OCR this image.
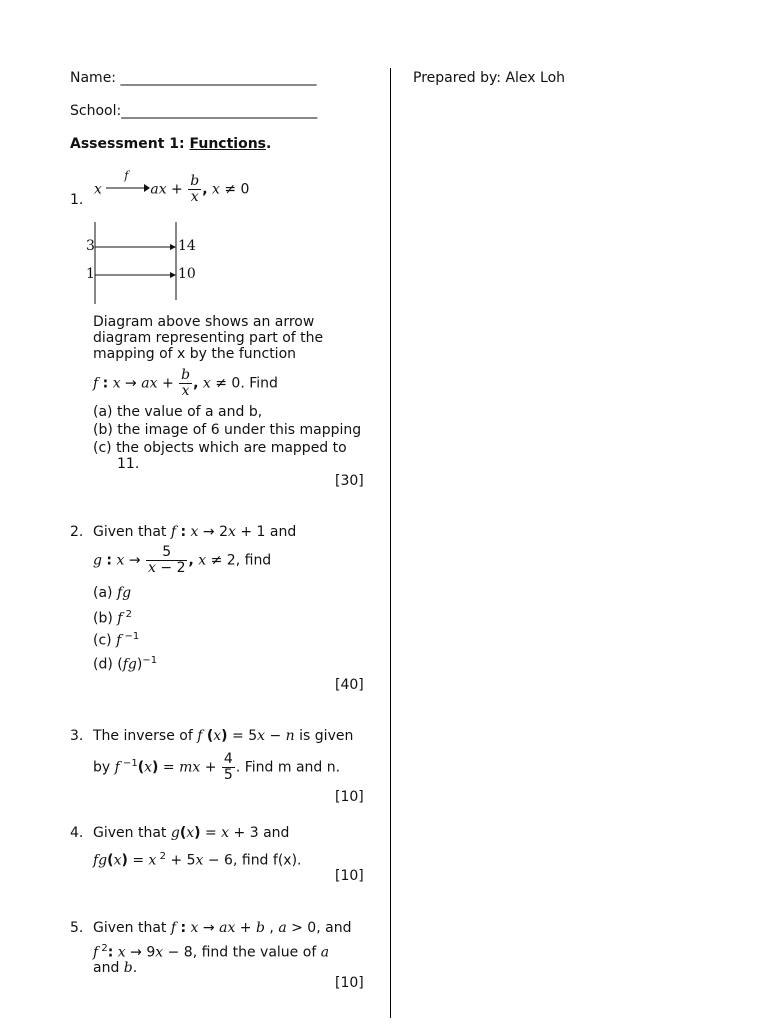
Name: ____________________________	Prepared by: Alex Loh
School:____________________________
Assessment 1: Functions.
1.
x
f
ax + $\frac{b}{x}$ , x ≠ 0
3
1
14
10
Diagram above shows an arrow
diagram representing part of the
mapping of x by the function
f : x → ax + $\frac{b}{x}$ , x ≠ 0. Find
(a) the value of a and b,
(b) the image of 6 under this mapping
(c) the objects which are mapped to
11.
[30]
2. Given that f : x → 2x + 1 and
g : $x \to \frac{5}{x - 2}$ , x ≠ 2, find
(a) fg
(b) f $^2$
(c) f $^{-1}$
(d) (fg)$^{-1}$
[40]
3. The inverse of f (x) = 5x − n is given
by f $^{-1}$(x) = mx + $\frac{4}{5}$ . Find m and n.
[10]
4. Given that g(x) = x + 3 and
fg(x) = x $^2$ + 5x − 6, find f(x).
[10]
5. Given that f : x → ax + b , a > 0, and
f $^2$: x → 9x − 8, find the value of a
and b.
[10]
